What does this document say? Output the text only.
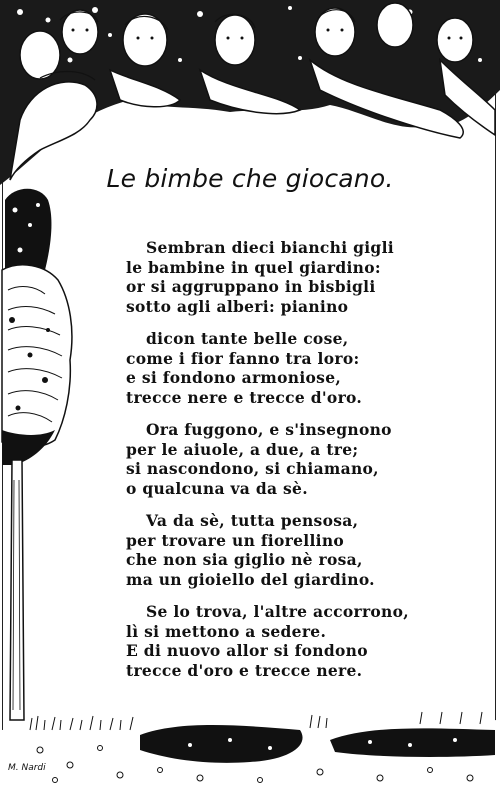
Le bimbe che giocano.
Sembran dieci bianchi gigli
le bambine in quel giardino:
or si aggruppano in bisbigli
sotto agli alberi: pianino
dicon tante belle cose,
come i fior fanno tra loro:
e si fondono armoniose,
trecce nere e trecce d'oro.
Ora fuggono, e s'insegnono
per le aiuole, a due, a tre;
si nascondono, si chiamano,
o qualcuna va da sè.
Va da sè, tutta pensosa,
per trovare un fiorellino
che non sia giglio nè rosa,
ma un gioiello del giardino.
Se lo trova, l'altre accorrono,
lì si mettono a sedere.
E di nuovo allor si fondono
trecce d'oro e trecce nere.
M. Nardi
